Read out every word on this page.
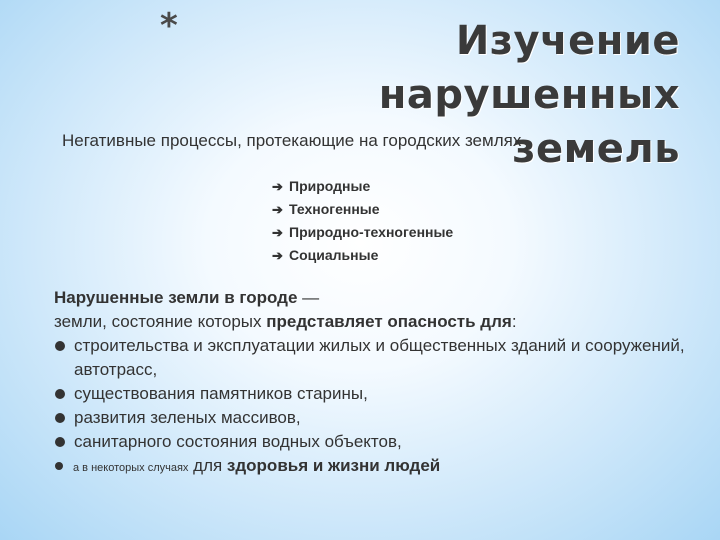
*	Изучение нарушенных
земель

Негативные процессы, протекающие на городских землях

➔ Природные
➔ Техногенные
➔ Природно-техногенные
➔ Социальные

Нарушенные земли в городе —

земли, состояние которых представляет опасность для:

строительства и эксплуатации жилых и общественных зданий и сооружений, автотрасс,
существования памятников старины,
развития зеленых массивов,
санитарного состояния водных объектов,
а в некоторых случаях для здоровья и жизни людей
